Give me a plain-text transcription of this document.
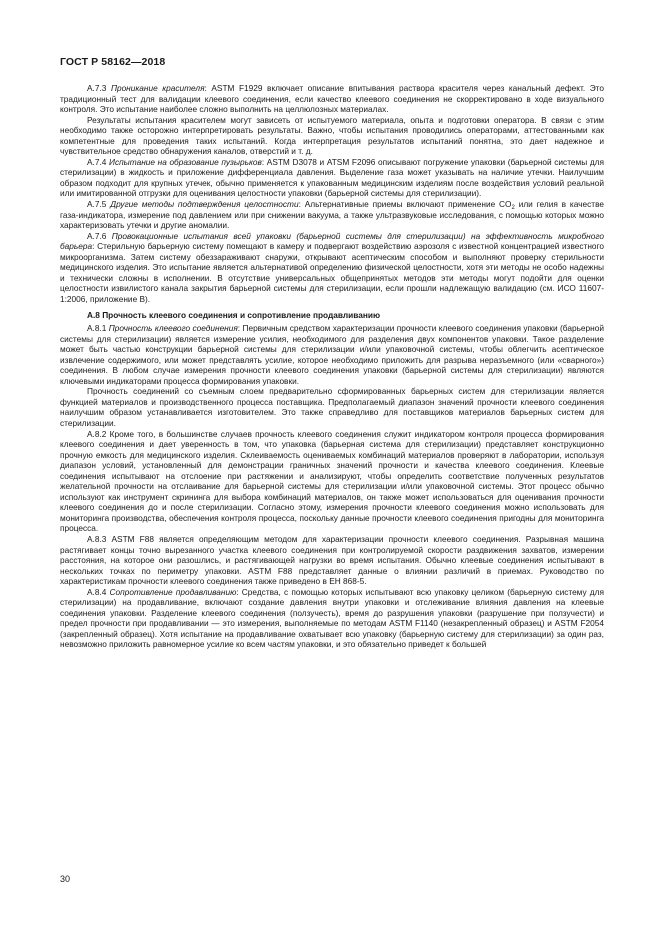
ГОСТ Р 58162—2018

А.7.3 Проникание красителя: ASTM F1929 включает описание впитывания раствора красителя через канальный дефект. Это традиционный тест для валидации клеевого соединения, если качество клеевого соединения не скорректировано в ходе визуального контроля. Это испытание наиболее сложно выполнить на целлюлозных материалах.

Результаты испытания красителем могут зависеть от испытуемого материала, опыта и подготовки оператора. В связи с этим необходимо также осторожно интерпретировать результаты. Важно, чтобы испытания проводились операторами, аттестованными как компетентные для проведения таких испытаний. Когда интерпретация результатов испытаний понятна, это дает надежное и чувствительное средство обнаружения каналов, отверстий и т. д.

А.7.4 Испытание на образование пузырьков: ASTM D3078 и ATSM F2096 описывают погружение упаковки (барьерной системы для стерилизации) в жидкость и приложение дифференциала давления. Выделение газа может указывать на наличие утечки. Наилучшим образом подходит для крупных утечек, обычно применяется к упакованным медицинским изделиям после воздействия условий реальной или имитированной отгрузки для оценивания целостности упаковки (барьерной системы для стерилизации).

А.7.5 Другие методы подтверждения целостности: Альтернативные приемы включают применение $CO_2$ или гелия в качестве газа-индикатора, измерение под давлением или при снижении вакуума, а также ультразвуковые исследования, с помощью которых можно характеризовать утечки и другие аномалии.

А.7.6 Провокационные испытания всей упаковки (барьерной системы для стерилизации) на эффективность микробного барьера: Стерильную барьерную систему помещают в камеру и подвергают воздействию аэрозоля с известной концентрацией известного микроорганизма. Затем систему обеззараживают снаружи, открывают асептическим способом и выполняют проверку стерильности медицинского изделия. Это испытание является альтернативой определению физической целостности, хотя эти методы не особо надежны и технически сложны в исполнении. В отсутствие универсальных общепринятых методов эти методы могут подойти для оценки целостности извилистого канала закрытия барьерной системы для стерилизации, если прошли надлежащую валидацию (см. ИСО 11607-1:2006, приложение В).

А.8 Прочность клеевого соединения и сопротивление продавливанию

А.8.1 Прочность клеевого соединения: Первичным средством характеризации прочности клеевого соединения упаковки (барьерной системы для стерилизации) является измерение усилия, необходимого для разделения двух компонентов упаковки. Такое разделение может быть частью конструкции барьерной системы для стерилизации и/или упаковочной системы, чтобы облегчить асептическое извлечение содержимого, или может представлять усилие, которое необходимо приложить для разрыва неразъемного (или «сварного») соединения. В любом случае измерения прочности клеевого соединения упаковки (барьерной системы для стерилизации) являются ключевыми индикаторами процесса формирования упаковки.

Прочность соединений со съемным слоем предварительно сформированных барьерных систем для стерилизации является функцией материалов и производственного процесса поставщика. Предполагаемый диапазон значений прочности клеевого соединения наилучшим образом устанавливается изготовителем. Это также справедливо для поставщиков материалов барьерных систем для стерилизации.

А.8.2 Кроме того, в большинстве случаев прочность клеевого соединения служит индикатором контроля процесса формирования клеевого соединения и дает уверенность в том, что упаковка (барьерная система для стерилизации) представляет конструкционно прочную емкость для медицинского изделия. Склеиваемость оцениваемых комбинаций материалов проверяют в лаборатории, используя диапазон условий, установленный для демонстрации граничных значений прочности и качества клеевого соединения. Клеевые соединения испытывают на отслоение при растяжении и анализируют, чтобы определить соответствие полученных результатов желательной прочности на отслаивание для барьерной системы для стерилизации и/или упаковочной системы. Этот процесс обычно используют как инструмент скрининга для выбора комбинаций материалов, он также может использоваться для оценивания прочности клеевого соединения до и после стерилизации. Согласно этому, измерения прочности клеевого соединения можно использовать для мониторинга производства, обеспечения контроля процесса, поскольку данные прочности клеевого соединения пригодны для мониторинга процесса.

А.8.3 ASTM F88 является определяющим методом для характеризации прочности клеевого соединения. Разрывная машина растягивает концы точно вырезанного участка клеевого соединения при контролируемой скорости раздвижения захватов, измерении расстояния, на которое они разошлись, и растягивающей нагрузки во время испытания. Обычно клеевые соединения испытывают в нескольких точках по периметру упаковки. ASTM F88 представляет данные о влиянии различий в приемах. Руководство по характеристикам прочности клеевого соединения также приведено в ЕН 868-5.

А.8.4 Сопротивление продавливанию: Средства, с помощью которых испытывают всю упаковку целиком (барьерную систему для стерилизации) на продавливание, включают создание давления внутри упаковки и отслеживание влияния давления на клеевые соединения упаковки. Разделение клеевого соединения (ползучесть), время до разрушения упаковки (разрушение при ползучести) и предел прочности при продавливании — это измерения, выполняемые по методам ASTM F1140 (незакрепленный образец) и ASTM F2054 (закрепленный образец). Хотя испытание на продавливание охватывает всю упаковку (барьерную систему для стерилизации) за один раз, невозможно приложить равномерное усилие ко всем частям упаковки, и это обязательно приведет к большей

30
